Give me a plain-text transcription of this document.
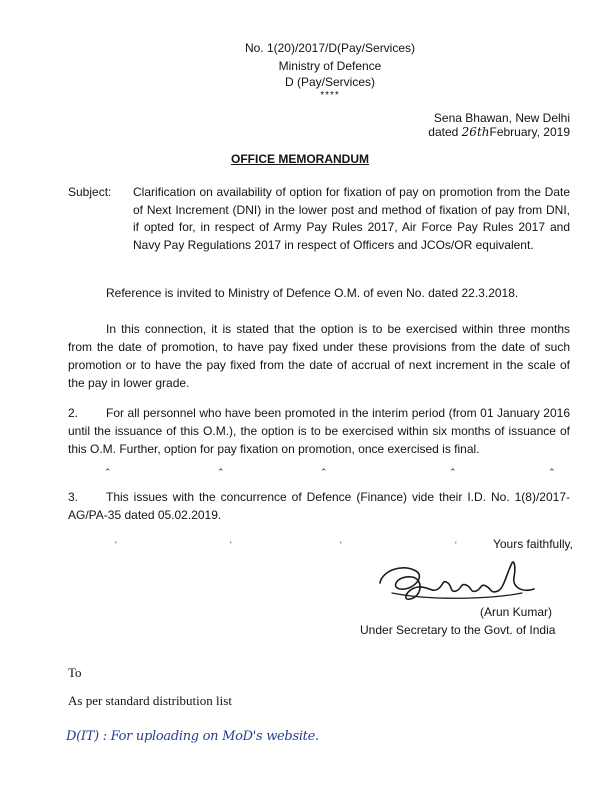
No. 1(20)/2017/D(Pay/Services)
Ministry of Defence
D (Pay/Services)
****
Sena Bhawan, New Delhi
dated 26thFebruary, 2019
OFFICE MEMORANDUM
Subject: Clarification on availability of option for fixation of pay on promotion from the Date of Next Increment (DNI) in the lower post and method of fixation of pay from DNI, if opted for, in respect of Army Pay Rules 2017, Air Force Pay Rules 2017 and Navy Pay Regulations 2017 in respect of Officers and JCOs/OR equivalent.
Reference is invited to Ministry of Defence O.M. of even No. dated 22.3.2018.
In this connection, it is stated that the option is to be exercised within three months from the date of promotion, to have pay fixed under these provisions from the date of such promotion or to have the pay fixed from the date of accrual of next increment in the scale of the pay in lower grade.
2. For all personnel who have been promoted in the interim period (from 01 January 2016 until the issuance of this O.M.), the option is to be exercised within six months of issuance of this O.M. Further, option for pay fixation on promotion, once exercised is final.
⌃	⌃	⌃	⌃	⌃
3. This issues with the concurrence of Defence (Finance) vide their I.D. No. 1(8)/2017-AG/PA-35 dated 05.02.2019.
'	'	'	'	Yours faithfully,
(Arun Kumar)
Under Secretary to the Govt. of India
To
As per standard distribution list
D(IT) : For uploading on MoD's website.
